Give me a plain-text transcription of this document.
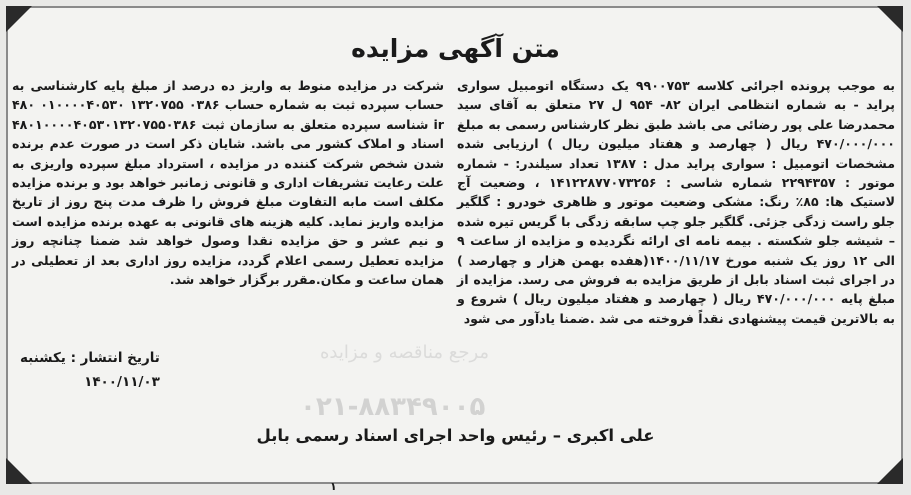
متن آگهی مزایده
به موجب پرونده اجرائی کلاسه ۹۹۰۰۷۵۳ یک دستگاه اتومبیل سواری پراید - به شماره انتظامی ایران ۸۲- ۹۵۴ ل ۲۷ متعلق به آقای سید محمدرضا علی پور رضائی می باشد طبق نظر کارشناس رسمی به مبلغ ۴۷۰/۰۰۰/۰۰۰ ریال ( چهارصد و هفتاد میلیون ریال ) ارزیابی شده مشخصات اتومبیل : سواری پراید مدل : ۱۳۸۷ تعداد سیلندر: - شماره موتور : ۲۲۹۴۳۵۷ شماره شاسی : ۱۴۱۲۲۸۷۷۰۷۳۲۵۶ ، وضعیت آج لاستیک ها: ۸۵٪ رنگ: مشکی وضعیت موتور و ظاهری خودرو : گلگیر جلو راست زدگی جزئی. گلگیر جلو چپ سابقه زدگی با گریس تیره شده – شیشه جلو شکسته . بیمه نامه ای ارائه نگردیده و مزایده از ساعت ۹ الی ۱۲ روز یک شنبه مورخ ۱۴۰۰/۱۱/۱۷(هفده بهمن هزار و چهارصد ) در اجرای ثبت اسناد بابل از طریق مزایده به فروش می رسد. مزایده از مبلغ پایه ۴۷۰/۰۰۰/۰۰۰ ریال ( چهارصد و هفتاد میلیون ریال ) شروع و به بالاترین قیمت پیشنهادی نقداً فروخته می شد .ضمنا یادآور می شود
شرکت در مزایده منوط به واریز ده درصد از مبلغ پایه کارشناسی به حساب سپرده ثبت به شماره حساب ۰۳۸۶ ۱۳۲۰۷۵۵ ۰۱۰۰۰۰۴۰۵۳۰ ۴۸۰ ir شناسه سپرده متعلق به سازمان ثبت ۴۸۰۱۰۰۰۰۴۰۵۳۰۱۳۲۰۷۵۵۰۳۸۶ اسناد و املاک کشور می باشد. شایان ذکر است در صورت عدم برنده شدن شخص شرکت کننده در مزایده ، استرداد مبلغ سپرده واریزی به علت رعایت تشریفات اداری و قانونی زمانبر خواهد بود و برنده مزایده مکلف است مابه التفاوت مبلغ فروش را ظرف مدت پنج روز از تاریخ مزایده واریز نماید. کلیه هزینه های قانونی به عهده برنده مزایده است و نیم عشر و حق مزایده نقدا وصول خواهد شد ضمنا چنانچه روز مزایده تعطیل رسمی اعلام گردد، مزایده روز اداری بعد از تعطیلی در همان ساعت و مکان.مقرر برگزار خواهد شد.
تاریخ انتشار : یکشنبه
۱۴۰۰/۱۱/۰۳
مرجع مناقصه و مزایده
۰۲۱-۸۸۳۴۹۰۰۵
علی اکبری – رئیس واحد اجرای اسناد رسمی بابل
۱
